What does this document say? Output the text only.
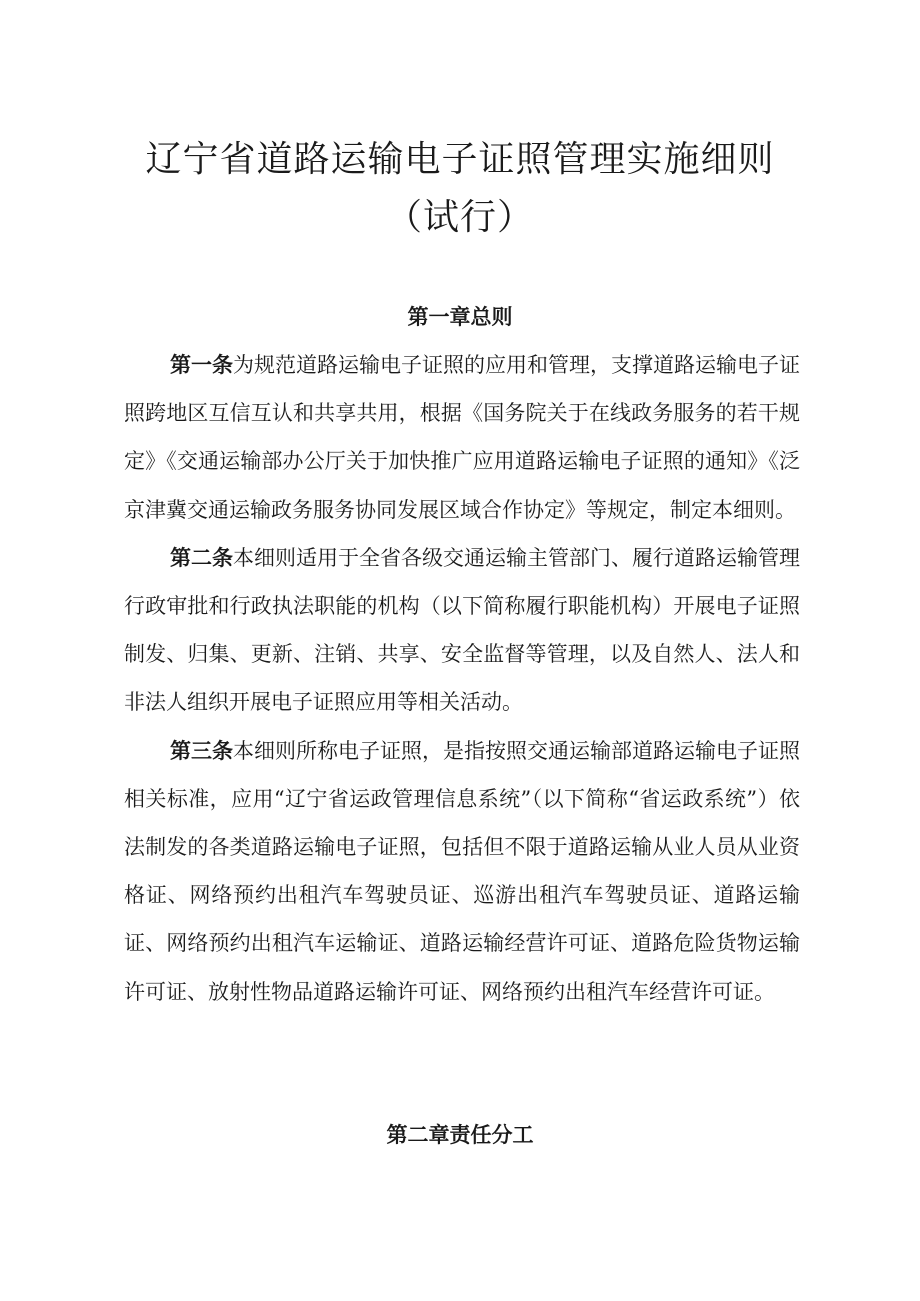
辽宁省道路运输电子证照管理实施细则
（试行）
第一章总则

第一条为规范道路运输电子证照的应用和管理，支撑道路运输电子证照跨地区互信互认和共享共用，根据《国务院关于在线政务服务的若干规定》《交通运输部办公厅关于加快推广应用道路运输电子证照的通知》《泛京津冀交通运输政务服务协同发展区域合作协定》等规定，制定本细则。

第二条本细则适用于全省各级交通运输主管部门、履行道路运输管理行政审批和行政执法职能的机构（以下简称履行职能机构）开展电子证照制发、归集、更新、注销、共享、安全监督等管理，以及自然人、法人和非法人组织开展电子证照应用等相关活动。

第三条本细则所称电子证照，是指按照交通运输部道路运输电子证照相关标准，应用“辽宁省运政管理信息系统”（以下简称“省运政系统”）依法制发的各类道路运输电子证照，包括但不限于道路运输从业人员从业资格证、网络预约出租汽车驾驶员证、巡游出租汽车驾驶员证、道路运输证、网络预约出租汽车运输证、道路运输经营许可证、道路危险货物运输许可证、放射性物品道路运输许可证、网络预约出租汽车经营许可证。

第二章责任分工
